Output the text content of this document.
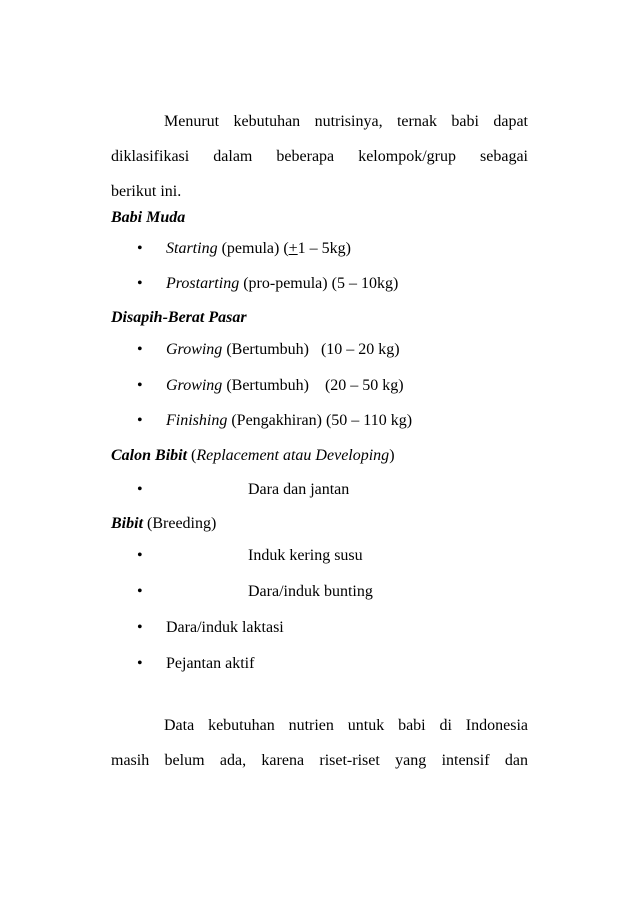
Menurut kebutuhan nutrisinya, ternak babi dapat

diklasifikasi dalam beberapa kelompok/grup sebagai

berikut ini.

Babi Muda

• Starting (pemula) (+1 – 5kg)
• Prostarting (pro-pemula) (5 – 10kg)

Disapih-Berat Pasar

• Growing (Bertumbuh)   (10 – 20 kg)
• Growing (Bertumbuh)    (20 – 50 kg)
• Finishing (Pengakhiran) (50 – 110 kg)

Calon Bibit (Replacement atau Developing)

•	Dara dan jantan

Bibit (Breeding)

•	Induk kering susu
•	Dara/induk bunting
• Dara/induk laktasi
• Pejantan aktif

Data kebutuhan nutrien untuk babi di Indonesia

masih belum ada, karena riset-riset yang intensif dan
